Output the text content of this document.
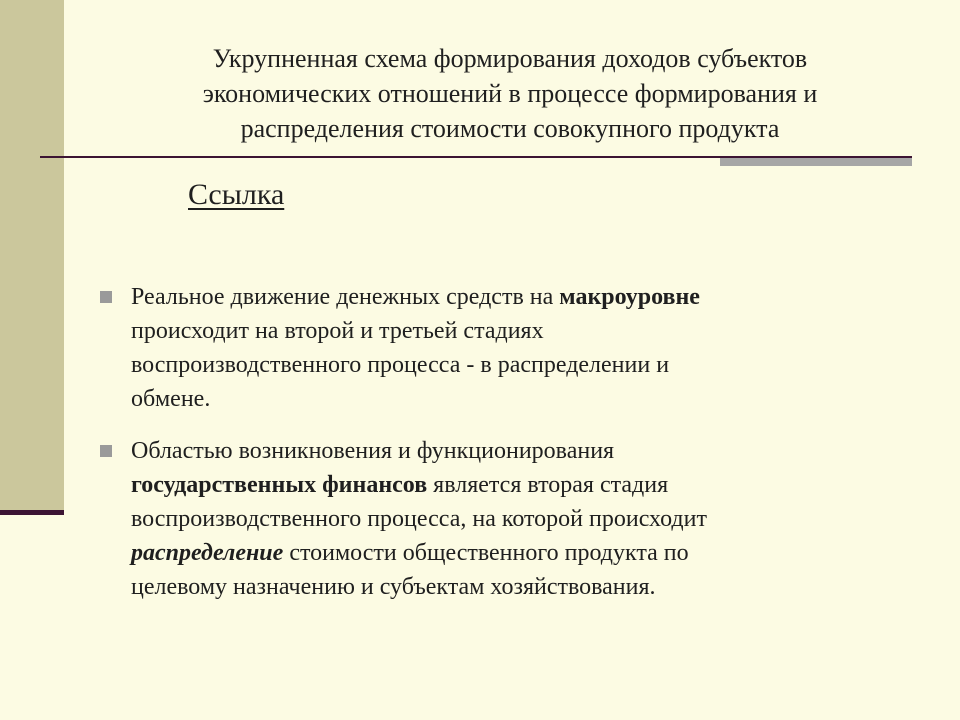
Укрупненная схема формирования доходов субъектов
экономических отношений в процессе формирования и
распределения стоимости совокупного продукта
Ссылка
Реальное движение денежных средств на макроуровне
происходит на второй и третьей стадиях
воспроизводственного процесса - в распределении и
обмене.
Областью возникновения и функционирования
государственных финансов является вторая стадия
воспроизводственного процесса, на которой происходит
распределение стоимости общественного продукта по
целевому назначению и субъектам хозяйствования.
